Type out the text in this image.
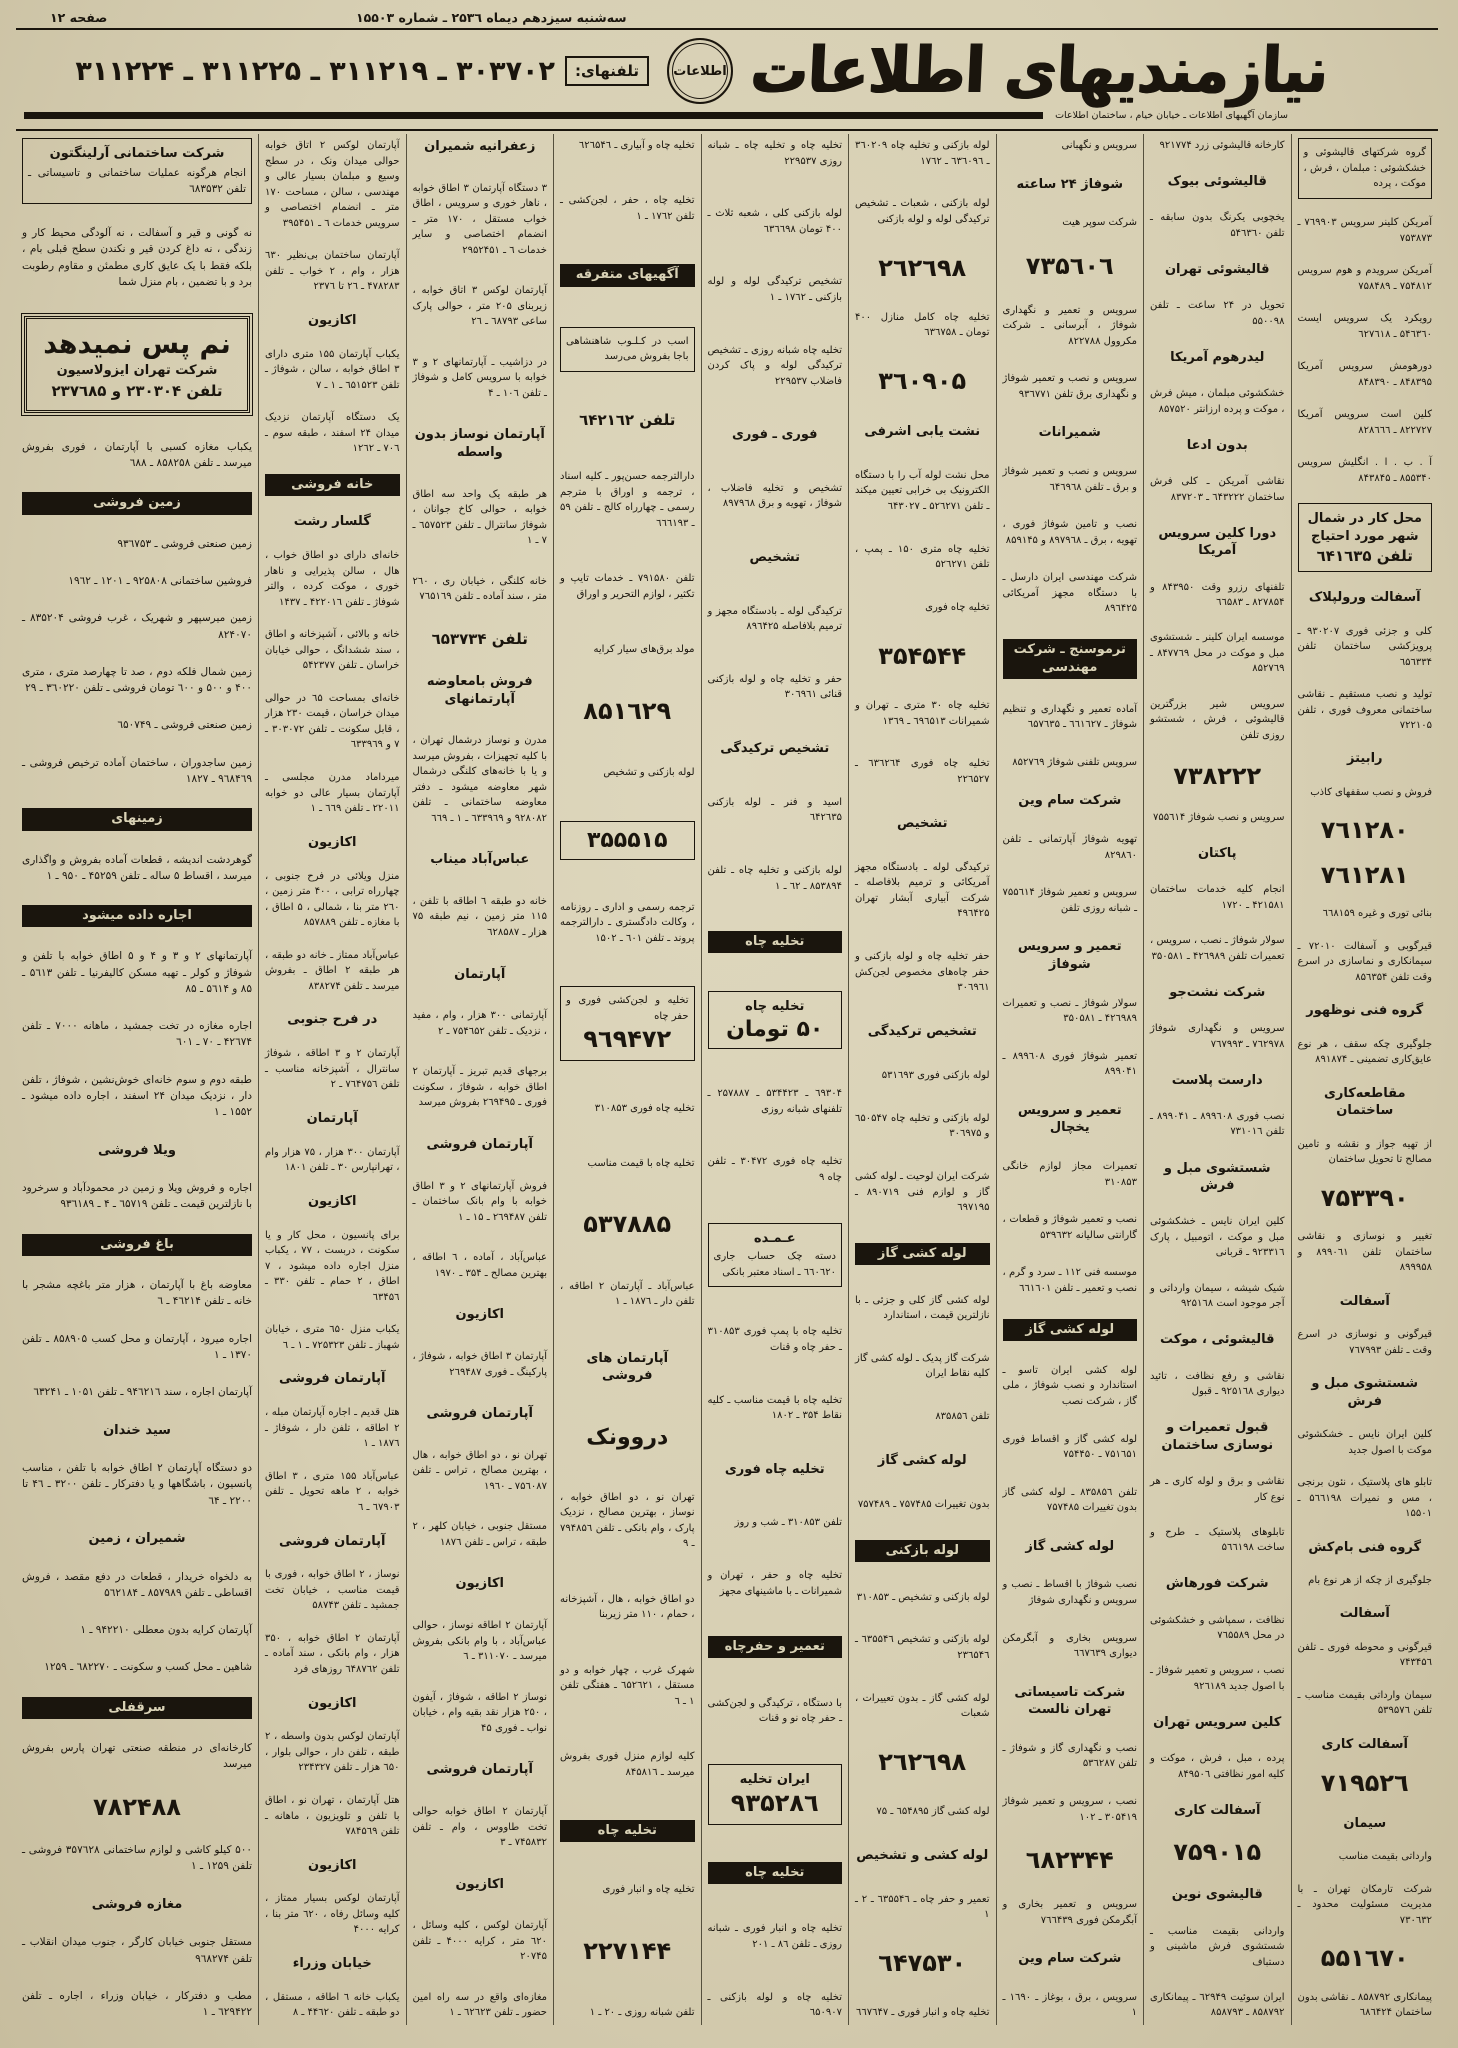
صفحه ۱۲	سه‌شنبه سیزدهم دیماه ۲۵۳٦ ـ شماره ۱۵۵۰۳
نیازمندیهای اطلاعات
اطلاعات
تلفنهای:
۳۰۳۷۰۲ ـ ۳۱۱۲۱۹ ـ ۳۱۱۲۲۵ ـ ۳۱۱۲۲۴
سازمان آگهیهای اطلاعات ـ خیابان خیام ، ساختمان اطلاعات
گروه شرکتهای قالیشوئی و خشکشوئی : مبلمان ، فرش ، موکت ، پرده
آمریکن کلینر سرویس ۷٦۹۹۰۳ ـ ۷۵۳۸۷۳
آمریکن سرویدم و هوم سرویس ۷۵۴۸۱۲ ـ ۷۵۸۴۸۹
رویکرد یک سرویس ایست ۵۴٦۳٦۰ ـ ٦۲۷٦۱۸
دورهومش سرویس آمریکا ۸۴۸۳۹۵ ـ ۸۴۸۳۹۰
کلین است سرویس آمریکا ۸۲۲۷۲۷ ـ ۸۲۸٦٦٦
آ . ب . ا . انگلیش سرویس ۸۵۵۳۴۰ ـ ۸۴۳۸۴۵
محل کار در شمال شهر مورد احتیاج
تلفن ٦۴۱٦۳۵
آسفالت ورولپلاک
کلی و جزئی فوری ۹۳۰۲۰۷ ـ پرویزکشی ساختمان تلفن ٦۵٦۳۳۴
تولید و نصب مستقیم ـ نقاشی ساختمانی معروف فوری ، تلفن ۷۲۲۱۰۵
رابیتز
فروش و نصب سقفهای کاذب
۷٦۱۲۸۰
۷٦۱۲۸۱
بنائی توری و غیره ٦٦۸۱۵۹
قیرگوبی و آسفالت ۷۲۰۱۰ ـ سیمانکاری و نماسازی در اسرع وقت تلفن ۸۵٦۳۵۴
گروه فنی نوظهور
جلوگیری چکه سقف ، هر نوع عایق‌کاری تضمینی ـ ۸۹۱۸۷۴
مقاطعه‌کاری ساختمان
از تهیه جواز و نقشه و تامین مصالح تا تحویل ساختمان
۷۵۳۳۹۰
تغییر و نوسازی و نقاشی ساختمان تلفن ۸۹۹۰٦۱ و ۸۹۹۹۵۸
آسفالت
قیرگونی و نوسازی در اسرع وقت ـ تلفن ۷٦۷۹۹۳
شستشوی مبل و فرش
کلین ایران نایس ـ خشکشوئی موکت با اصول جدید
تابلو های پلاستیک ، نئون برنجی ، مس و نمیرات ۵٦٦۱۹۸ ـ ۱۵۵۰۱
گروه فنی بام‌کش
جلوگیری از چکه از هر نوع بام
آسفالت
قیرگونی و محوطه فوری ـ تلفن ۷۴۳۴۵٦
سیمان وارداتی بقیمت مناسب ـ تلفن ۵۳۹۵۷٦
آسفالت کاری
۷۱۹۵۲٦
سیمان
وارداتی بقیمت مناسب
شرکت تارمکان تهران ـ با مدیریت مسئولیت محدود ـ ۷۳۰٦۳۲
۵۵۱٦۷۰
پیمانکاری ۸۵۸۷۹۲ ـ نقاشی بدون ساختمان ٦۸٦۴۲۴
کارخانه قالیشوئی زرد ۹۲۱۷۷۴
قالیشوئی بیوک
یخچوبی یکرنگ بدون سابقه ـ تلفن ۵۴٦۳٦۰
قالیشوئی تهران
تحویل در ۲۴ ساعت ـ تلفن ۵۵۰۰۹۸
لیدرهوم آمریکا
خشکشوئی مبلمان ، میش فرش ، موکت و پرده ارزانتر ۸۵۷۵۲۰
بدون ادعا
نقاشی آمریکن ـ کلی فرش ساختمان ٦۴۳۲۲۲ ـ ۸۳۷۲۰۳
دورا کلین سرویس آمریکا
تلفنهای رزرو وقت ۸۴۳۹۵۰ و ۸۲۷۸۵۴ ـ ٦٦۵۸۳
موسسه ایران کلینر ـ شستشوی مبل و موکت در محل ۸۴۷۷٦۹ ـ ۸۵۲۷٦۹
سرویس شیر بزرگترین قالیشوئی ، فرش ، شستشو روزی تلفن
۷۳۸۲۲۲
سرویس و نصب شوفاژ ۷۵۵٦۱۴
پاکتان
انجام کلیه خدمات ساختمان ۴۲۱۵۸۱ ـ ۱۷۲۰
سولار شوفاژ ـ نصب ، سرویس ، تعمیرات تلفن ۴۲٦۹۸۹ ـ ۳۵۰۵۸۱
شرکت نشت‌جو
سرویس و نگهداری شوفاژ ۷٦۲۹۷۸ ـ ۷٦۷۹۹۳
دارست پلاست
نصب فوری ۸۹۹٦۰۸ ـ ۸۹۹۰۴۱ ـ تلفن ۷۳۱۰۱٦
شستشوی مبل و فرش
کلین ایران نایس ـ خشکشوئی مبل و موکت ، اتومبیل ، پارک ۹۲۳۳۱٦ ـ قربانی
شیک شیشه ، سیمان وارداتی و آجر موجود است ۹۲۵۱٦۸
قالیشوئی ، موکت
نقاشی و رفع نظافت ، تائید دیواری ۹۲۵۱٦۸ ـ قبول
قبول تعمیرات و نوسازی ساختمان
نقاشی و برق و لوله کاری ـ هر نوع کار
تابلوهای پلاستیک ـ طرح و ساخت ۵٦٦۱۹۸
شرکت فورهاش
نظافت ، سمپاشی و خشکشوئی در محل ۷٦۵۵۸۹
نصب ، سرویس و تعمیر شوفاژ ـ با اصول جدید ۹۲٦۱۸۹
کلین سرویس تهران
پرده ، مبل ، فرش ، موکت و کلیه امور نظافتی ۸۴۹۵۰٦
آسفالت کاری
۷۵۹۰۱۵
قالیشوی نوین
واردانی بقیمت مناسب ـ شستشوی فرش ماشینی و دستباف
ایران سوئیت ٦۲۹۴۹ ـ پیمانکاری ۸۵۸۷۹۲ ـ ۸۵۸۷۹۳
سرویس و نگهبانی
شوفاژ ۲۴ ساعته
شرکت سوپر هیت
۷۳۵٦۰٦
سرویس و تعمیر و نگهداری شوفاژ ، آبرسانی ـ شرکت مکروول ۸۲۲۷۸۸
سرویس و نصب و تعمیر شوفاژ و نگهداری برق تلفن ۹۳٦۷۷۱
شمیرانات
سرویس و نصب و تعمیر شوفاژ و برق ـ تلفن ٦۴٦۹٦۸
نصب و تامین شوفاژ فوری ، تهویه ، برق ـ ۸۹۷۹٦۸ و ۸۵۹۱۴۵
شرکت مهندسی ایران دارسل ـ با دستگاه مجهز آمریکائی ۸۹٦۴۲۵
ترموسنج ـ شرکت مهندسی
آماده تعمیر و نگهداری و تنظیم شوفاژ ـ ٦٦۱٦۲۷ ـ ٦۵۷٦۳۵
سرویس تلفنی شوفاژ ۸۵۲۷٦۹
شرکت سام وین
تهویه شوفاژ آپارتمانی ـ تلفن ۸۲۹۸٦۰
سرویس و تعمیر شوفاژ ۷۵۵٦۱۴ ـ شبانه روزی تلفن
تعمیر و سرویس شوفاژ
سولار شوفاژ ـ نصب و تعمیرات ۴۲٦۹۸۹ ـ ۳۵۰۵۸۱
تعمیر شوفاژ فوری ۸۹۹٦۰۸ ـ ۸۹۹۰۴۱
تعمیر و سرویس یخچال
تعمیرات مجاز لوازم خانگی ۳۱۰۸۵۳
نصب و تعمیر شوفاژ و قطعات ، گارانتی سالیانه ۵۳۹٦۳۲
موسسه فنی ۱۱۲ ـ سرد و گرم ، نصب و تعمیر ـ تلفن ٦٦۱٦۰۱
لوله کشی گاز
لوله کشی ایران تاسو ـ استاندارد و نصب شوفاژ ، ملی گاز ، شرکت نصب
لوله کشی گاز و اقساط فوری ۷۵۱٦۵۱ ـ ۷۵۴۴۵۰
تلفن ۸۳۵۸۵٦ ـ لوله کشی گاز بدون تغییرات ۷۵۷۴۸۵
لوله کشی گاز
نصب شوفاژ با اقساط ـ نصب و سرویس و نگهداری شوفاژ
سرویس بخاری و آبگرمکن دیواری ٦٦۷٦۳۹
شرکت تاسیساتی تهران نالست
نصب و نگهداری گاز و شوفاژ ـ تلفن ۵۳٦۲۸۷
نصب ، سرویس و تعمیر شوفاژ ۳۰۵۴۱۹ ـ ۱۰۲
٦۸۲۳۴۴
سرویس و تعمیر بخاری و آبگرمکن فوری ۷٦٦۴۳۹
شرکت سام وین
سرویس ، برق ، بوغاز ـ ۱٦۹۰ ـ ۱
لوله بازکنی و تخلیه چاه ۳٦۰۲۰۹ ـ ٦۳٦۰۹٦ ـ ۱۷٦۲
لوله بازکنی ، شعبات ـ تشخیص ترکیدگی لوله و لوله بازکنی
۲٦۲٦۹۸
تخلیه چاه کامل منازل ۴۰۰ تومان ـ ٦۳٦۷۵۸
۳٦۰۹۰۵
نشت یابی اشرفی
محل نشت لوله آب را با دستگاه الکترونیک بی خرابی تعیین میکند ـ تلفن ۵۲٦۲۷۱ ـ ٦۴۳۰۲۷
تخلیه چاه متری ۱۵۰ ـ پمپ ، تلفن ۵۲٦۲۷۱
تخلیه چاه فوری
۳۵۴۵۴۴
تخلیه چاه ۳۰ متری ـ تهران و شمیرانات ٦۹٦۵۱۳ ـ ۱۳٦۹
تخلیه چاه فوری ٦۳٦۲٦۴ ـ ۲۲٦۵۲۷
تشخیص
ترکیدگی لوله ـ بادستگاه مجهز آمریکائی و ترمیم بلافاصله ـ شرکت آبیاری آبشار تهران ۴۹٦۴۲۵
حفر تخلیه چاه و لوله بازکنی و حفر چاه‌های مخصوص لجن‌کش ۳۰٦۹٦۱
تشخیص ترکیدگی
لوله بازکنی فوری ۵۳۱٦۹۳
لوله بازکنی و تخلیه چاه ٦۵۰۵۴۷ و ۳۰٦۹۷۵
شرکت ایران لوحیت ـ لوله کشی گاز و لوازم فنی ۸۹۰۷۱۹ ـ ٦۹۷۱۹۵
لوله کشی گاز
لوله کشی گاز کلی و جزئی ـ با نازلترین قیمت ، استاندارد
شرکت گاز پدیک ـ لوله کشی گاز کلیه نقاط ایران
تلفن ۸۳۵۸۵٦
لوله کشی گاز
بدون تغییرات ۷۵۷۴۸۵ ـ ۷۵۷۴۸۹
لوله بازکنی
لوله بازکنی و تشخیص ـ ۳۱۰۸۵۳
لوله بازکنی و تشخیص ٦۳۵۵۴٦ ـ ۲۳٦۵۴٦
لوله کشی گاز ـ بدون تعییرات ، شعبات
۲٦۲٦۹۸
لوله کشی گاز ٦۵۴۸۹۵ ـ ۷۵
لوله کشی و تشخیص
تعمیر و حفر چاه ـ ٦۳۵۵۴٦ ـ ۲ ـ ۱
٦۴۷۵۳۰
تخلیه چاه و انبار فوری ـ ٦٦۷٦۴۷
تخلیه چاه و تخلیه چاه ـ شبانه روزی ۲۲۹۵۳۷
لوله بازکنی کلی ، شعبه ثلاث ـ ۴۰۰ تومان ٦۳٦٦۹۸
تشخیص ترکیدگی لوله و لوله بازکنی ـ ۱۷٦۲ ـ ۱
تخلیه چاه شبانه روزی ـ تشخیص ترکیدگی لوله و پاک کردن فاضلاب ۲۲۹۵۳۷
فوری ـ فوری
تشخیص و تخلیه فاضلاب ، شوفاژ ، تهویه و برق ۸۹۷۹٦۸
تشخیص
ترکیدگی لوله ـ بادستگاه مجهز و ترمیم بلافاصله ۸۹٦۴۲۵
حفر و تخلیه چاه و لوله بازکنی قنائی ۳۰٦۹٦۱
تشخیص ترکیدگی
اسید و فنر ـ لوله بازکنی ٦۴۲٦۳۵
لوله بازکنی و تخلیه چاه ـ تلفن ۸۵۳۸۹۴ ـ ٦۲ ـ ۱
تخلیه چاه
تخلیه چاه
۵۰ تومان
٦۹۳۰۴ ـ ۵۳۴۴۲۳ ـ ۲۵۷۸۸۷ ـ تلفنهای شبانه روزی
تخلیه چاه فوری ۳۰۴۷۲ ـ تلفن چاه ۹
عـمـده
دسته چک حساب جاری ٦٦۰٦۲۰ ـ اسناد معتبر بانکی
تخلیه چاه با پمپ فوری ۳۱۰۸۵۳ ـ حفر چاه و قنات
تخلیه چاه با قیمت مناسب ـ کلیه نقاط ۳۵۴ ـ ۱۸۰۲
تخلیه چاه فوری
تلفن ۳۱۰۸۵۳ ـ شب و روز
تخلیه چاه و حفر ، تهران و شمیرانات ـ با ماشینهای مجهز
تعمیر و حفرچاه
با دستگاه ، ترکیدگی و لجن‌کشی ـ حفر چاه نو و قنات
ایران تخلیه
۹۳۵۲۸٦
تخلیه چاه
تخلیه چاه و انبار فوری ـ شبانه روزی ـ تلفن ۸٦ ـ ۲۰۱
تخلیه چاه و لوله بازکنی ـ ٦۵۰۹۰۷
تخلیه چاه و آبیاری ـ ٦۲٦۵۴٦
تخلیه چاه ، حفر ، لجن‌کشی ـ تلفن ۱۷٦۲ ـ ۱
آگهیهای متفرقه
اسب در کـلـوب شاهنشاهی باجا بفروش می‌رسد
تلفن ٦۴۲۱٦۲
دارالترجمه حسن‌پور ـ کلیه اسناد ، ترجمه و اوراق با مترجم رسمی ـ چهارراه کالج ـ تلفن ۵۹ ـ ٦٦٦۱۹۳
تلفن ۷۹۱۵۸۰ ـ خدمات تایپ و تکثیر ، لوازم التحریر و اوراق
مولد برق‌های سیار کرایه
۸۵۱٦۲۹
لوله بازکنی و تشخیص
۳۵۵۵۱۵
ترجمه رسمی و اداری ـ روزنامه ، وکالت دادگستری ـ دارالترجمه پروند ـ تلفن ٦۰۱ ـ ۱۵۰۲
تخلیه و لجن‌کشی فوری و حفر چاه
۹٦۹۴۷۲
تخلیه چاه فوری ۳۱۰۸۵۳
تخلیه چاه با قیمت مناسب
۵۳۷۸۸۵
عباس‌آباد ـ آپارتمان ۲ اطاقه ، تلفن دار ـ ۱۸۷٦ ـ ۱
آپارتمان های فروشی
دروونک
تهران نو ، دو اطاق خوابه ، نوساز ، بهترین مصالح ، نزدیک پارک ، وام بانکی ـ تلفن ۷۹۴۸۵٦ ـ ۹
دو اطاق خوابه ، هال ، آشپزخانه ، حمام ، ۱۱۰ متر زیربنا
شهرک غرب ، چهار خوابه و دو مستقل ، ٦۵۲٦۲۱ ـ هفتگی تلفن ۱ ـ ٦
کلیه لوازم منزل فوری بفروش میرسد ـ ۸۴۵۸۱٦
تخلیه چاه
تخلیه چاه و انبار فوری
۲۲۷۱۴۴
تلفن شبانه روزی ـ ۲۰ ـ ۱
زعفرانیه شمیران
۳ دستگاه آپارتمان ۳ اطاق خوابه ، ناهار خوری و سرویس ، اطاق خواب مستقل ، ۱۷۰ متر ـ انضمام اختصاصی و سایر خدمات ٦ ـ ۲۹۵۲۴۵۱
آپارتمان لوکس ۳ اتاق خوابه ، زیربنای ۲۰۵ متر ، حوالی پارک ساعی ٦۸۷۹۳ ـ ۲٦
در دزاشیب ـ آپارتمانهای ۲ و ۳ خوابه با سرویس کامل و شوفاژ ـ تلفن ۱۰٦ ـ ۴
آپارتمان نوساز بدون واسطه
هر طبقه یک واحد سه اطاق خوابه ، حوالی کاخ جوانان ، شوفاژ سانترال ـ تلفن ٦۵۷۵۲۳ ـ ۷ ـ ۱
خانه کلنگی ، خیابان ری ، ۲٦۰ متر ، سند آماده ـ تلفن ۷٦۵۱٦۹
تلفن ٦۵۳۷۳۴
فروش بامعاوضه آپارتمانهای
مدرن و نوساز درشمال تهران ، با کلیه تجهیزات ، بفروش میرسد و یا با خانه‌های کلنگی درشمال شهر معاوضه میشود ـ دفتر معاوضه ساختمانی ـ تلفن ۹۲۸۰۸۲ و ٦۳۳۹٦۹ ـ ۱ ـ ٦٦۹
عباس‌آباد میناب
خانه دو طبقه ٦ اطاقه با تلفن ، ۱۱۵ متر زمین ، نیم طبقه ۷۵ هزار ـ ٦۲۸۵۸۷
آپارتمان
آپارتمانی ۳۰۰ هزار ، وام ، مفید ، نزدیک ـ تلفن ۷۵۴٦۵۲ ـ ۲
برجهای قدیم تبریز ـ آپارتمان ۲ اطاق خوابه ، شوفاژ ، سکونت فوری ـ ۲٦۹۴۹۵ بفروش میرسد
آپارتمان فروشی
فروش آپارتمانهای ۲ و ۳ اطاق خوابه با وام بانک ساختمان ـ تلفن ۲٦۹۴۸۷ ـ ۱۵ ـ ۱
عباس‌آباد ، آماده ، ٦ اطاقه ، بهترین مصالح ـ ۳۵۴ ـ ۱۹۷۰
اکازیون
آپارتمان ۳ اطاق خوابه ، شوفاژ ، پارکینگ ـ فوری ۲٦۹۴۸۷
آپارتمان فروشی
تهران نو ، دو اطاق خوابه ، هال ، بهترین مصالح ، تراس ـ تلفن ۷۵٦۰۸۷ ـ ۱۹٦۰
مستقل جنوبی ، خیابان کلهر ، ۲ طبقه ، تراس ـ تلفن ۱۸۷٦
اکازیون
آپارتمان ۲ اطاقه نوساز ، حوالی عباس‌آباد ، با وام بانکی بفروش میرسد ـ ۳۱۱۰۷۰ ـ ٦
نوساز ۲ اطاقه ، شوفاژ ، آیفون ، ۲۵۰ هزار نقد بقیه وام ، خیابان نواب ـ فوری ۴۵
آپارتمان فروشی
آپارتمان ۲ اطاق خوابه حوالی تخت طاووس ، وام ـ تلفن ۷۴۵۸۳۲ ـ ۳
اکازیون
آپارتمان لوکس ، کلیه وسائل ، ٦۲۰ متر ، کرایه ۴۰۰۰ ـ تلفن ۲۰۷۴۵
مغازه‌ای واقع در سه راه امین حضور ـ تلفن ٦۲٦۲۳ ـ ۱
آپارتمان لوکس ۲ اتاق خوابه حوالی میدان ونک ، در سطح وسیع و مبلمان بسیار عالی و مهندسی ، سالن ، مساحت ۱۷۰ متر ـ انضمام اختصاصی و سرویس خدمات ٦ ـ ۳۹۵۴۵۱
آپارتمان ساختمان بی‌نظیر ٦۳۰ هزار ، وام ، ۲ خواب ـ تلفن ۴۷۸۲۸۳ ـ ۲٦ تا ۲۳۷٦
اکازیون
یکباب آپارتمان ۱۵۵ متری دارای ۳ اطاق خوابه ، سالن ، شوفاژ ـ تلفن ٦۵۱۵۲۳ ـ ۱ ـ ۷
یک دستگاه آپارتمان نزدیک میدان ۲۴ اسفند ، طبقه سوم ـ ۷۰٦ ـ ۱۲٦۲
خانه فروشی
گلسار رشت
خانه‌ای دارای دو اطاق خواب ، هال ، سالن پذیرایی و ناهار خوری ، موکت کرده ، والتر شوفاژ ـ تلفن ۴۲۲۰۱٦ ـ ۱۴۳۷
خانه و بالائی ، آشپزخانه و اطاق ، سند ششدانگ ، حوالی خیابان خراسان ـ تلفن ۵۴۲۳۷۷
خانه‌ای بمساحت ٦۵ در حوالی میدان خراسان ، قیمت ۲۳۰ هزار ، قابل سکونت ـ تلفن ۳۰۳۰۷۲ ـ ۷ و ٦۳۳۹٦۹
میرداماد مدرن مجلسی ـ آپارتمان بسیار عالی دو خوابه ۲۲۰۱۱ ـ تلفن ٦٦۹ ـ ۱
اکازیون
منزل ویلائی در فرح جنوبی ، چهارراه ترابی ، ۴۰۰ متر زمین ، ۲٦۰ متر بنا ، شمالی ، ۵ اطاق ، با مغازه ـ تلفن ۸۵۷۸۸۹
عباس‌آباد ممتاز ـ خانه دو طبقه ، هر طبقه ۲ اطاق ـ بفروش میرسد ـ تلفن ۸۳۸۲۷۴
در فرح جنوبی
آپارتمان ۲ و ۳ اطاقه ، شوفاژ سانترال ، آشپزخانه مناسب ـ تلفن ۷٦۴۷۵٦ ـ ۲
آپارتمان
آپارتمان ۳۰۰ هزار ، ۷۵ هزار وام ، تهرانپارس ۳۰ ـ تلفن ۱۸۰۱
اکازیون
برای پانسیون ، محل کار و یا سکونت ، دربست ، ۷۷ ، یکباب منزل اجاره داده میشود ، ۷ اطاق ، ۲ حمام ـ تلفن ۳۳۰ ـ ٦۳۴۵٦
یکباب منزل ٦۵۰ متری ، خیابان شهباز ـ تلفن ۷۲۵۳۲۳ ـ ۱ ـ ٦
آپارتمان فروشی
هتل قدیم ـ اجاره آپارتمان مبله ، ۲ اطاقه ، تلفن دار ، شوفاژ ـ ۱۸۷٦ ـ ۱
عباس‌آباد ۱۵۵ متری ، ۳ اطاق خوابه ، ۲ ماهه تحویل ـ تلفن ٦۷۹۰۳ ـ ٦
آپارتمان فروشی
نوساز ، ۲ اطاق خوابه ، فوری با قیمت مناسب ، خیابان تخت جمشید ـ تلفن ۵۸۷۴۳
آپارتمان ۲ اطاق خوابه ، ۳۵۰ هزار ، وام بانکی ، سند آماده ـ تلفن ٦۴۸۷٦۲ روزهای فرد
اکازیون
آپارتمان لوکس بدون واسطه ، ۲ طبقه ، تلفن دار ، حوالی بلوار ، ٦۵۰ هزار ـ تلفن ۲۳۴۳۲۷
هتل آپارتمان ، تهران نو ، اطاق با تلفن و تلویزیون ، ماهانه ـ تلفن ۷۸۴۵٦۹
اکازیون
آپارتمان لوکس بسیار ممتاز ، کلیه وسائل رفاه ، ٦۲۰ متر بنا ، کرایه ۴۰۰۰
خیابان وزراء
یکباب خانه ٦ اطاقه ، مستقل ، دو طبقه ـ تلفن ۴۴٦۲۰ ـ ۸
شرکت ساختمانی آرلینگتون
انجام هرگونه عملیات ساختمانی و تاسیساتی ـ تلفن ٦۸۳۵۳۲
نه گونی و قیر و آسفالت ، نه آلودگی محیط کار و زندگی ، نه داغ کردن قیر و نکندن سطح قبلی بام ، بلکه فقط با یک عایق کاری مطمئن و مقاوم رطوبت برد و با تضمین ، بام منزل شما
نم پس نمیدهد
شرکت تهران ایزولاسیون
تلفن ۲۳۰۳۰۴ و ۲۳۷٦۸۵
یکباب مغازه کسبی با آپارتمان ، فوری بفروش میرسد ـ تلفن ۸۵۸۲۵۸ ـ ٦۸۸
زمین فروشی
زمین صنعتی فروشی ـ ۹۳٦۷۵۳
فروشین ساختمانی ۹۲۵۸۰۸ ـ ۱۲۰۱ ـ ۱۹٦۲
زمین میرسپهر و شهریک ، غرب فروشی ۸۳۵۲۰۴ ـ ۸۲۴۰۷۰
زمین شمال فلکه دوم ، صد تا چهارصد متری ، متری ۴۰۰ و ۵۰۰ و ٦۰۰ تومان فروشی ـ تلفن ۳٦۰۲۲۰ ـ ۲۹
زمین صنعتی فروشی ـ ٦۵۰۷۴۹
زمین ساجدوران ، ساختمان آماده ترخیص فروشی ـ ۹٦۸۴٦۹ ـ ۱۸۲۷
زمینهای
گوهردشت اندیشه ، قطعات آماده بفروش و واگذاری میرسد ، اقساط ۵ ساله ـ تلفن ۴۵۲۵۹ ـ ۹۵۰ ـ ۱
اجاره داده میشود
آپارتمانهای ۲ و ۳ و ۴ و ۵ اطاق خوابه با تلفن و شوفاژ و کولر ـ تهیه مسکن کالیفرنیا ـ تلفن ۵٦۱۳ ـ ۸۵ و ۵٦۱۴ ـ ۸۵
اجاره مغازه در تخت جمشید ، ماهانه ۷۰۰۰ ـ تلفن ۴۲٦۷۴ ـ ۷۰ ـ ٦۰۱
طبقه دوم و سوم خانه‌ای خوش‌نشین ، شوفاژ ، تلفن دار ، نزدیک میدان ۲۴ اسفند ، اجاره داده میشود ـ ۱۵۵۲ ـ ۱
ویلا فروشی
اجاره و فروش ویلا و زمین در محمودآباد و سرخرود با نازلترین قیمت ـ تلفن ٦۵۷۱۹ ـ ۴ ـ ۹۳٦۱۸۹
باغ فروشی
معاوضه باغ با آپارتمان ، هزار متر باغچه مشجر با خانه ـ تلفن ۴٦۲۱۴ ـ ٦
اجاره میرود ، آپارتمان و محل کسب ۸۵۸۹۰۵ ـ تلفن ۱۳۷۰ ـ ۱
آپارتمان اجاره ، سند ۹۴٦۲۱٦ ـ تلفن ۱۰۵۱ ـ ٦۳۲۴۱
سید خندان
دو دستگاه آپارتمان ۲ اطاق خوابه با تلفن ، مناسب پانسیون ، باشگاهها و یا دفترکار ـ تلفن ۳۲۰۰ ـ ۴٦ تا ۲۲۰۰ ـ ٦۴
شمیران ، زمین
به دلخواه خریدار ، قطعات در دفع مقصد ، فروش اقساطی ـ تلفن ۸۵۷۹۸۹ ـ ۵٦۲۱۸۴
آپارتمان کرایه بدون معطلی ۹۴۲۲۱۰ ـ ۱
شاهین ـ محل کسب و سکونت ـ ٦۸۲۲۷۰ ـ ۱۲۵۹
سرقفلی
کارخانه‌ای در منطقه صنعتی تهران پارس بفروش میرسد
۷۸۲۴۸۸
۵۰۰ کیلو کاشی و لوازم ساختمانی ۳۵۷٦۲۸ فروشی ـ تلفن ۱۲۵۹ ـ ۱
مغازه فروشی
مستقل جنوبی خیابان کارگر ، جنوب میدان انقلاب ـ تلفن ۹٦۸۲۷۴
مطب و دفترکار ، خیابان وزراء ، اجاره ـ تلفن ٦۲۹۴۲۲ ـ ۱
